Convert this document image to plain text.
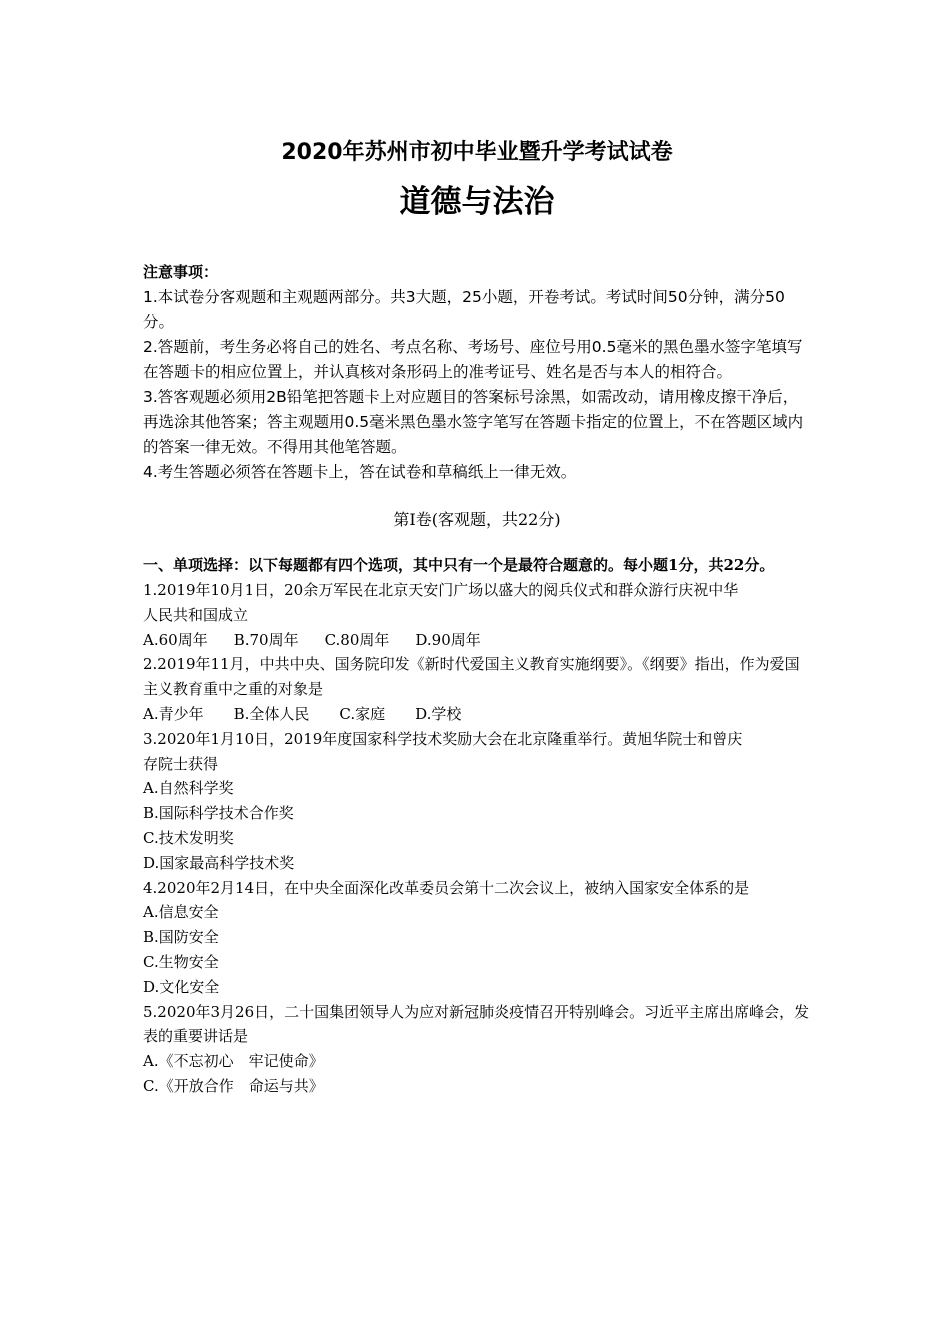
2020年苏州市初中毕业暨升学考试试卷
道德与法治

注意事项：

1.本试卷分客观题和主观题两部分。共3大题，25小题，开卷考试。考试时间50分钟，满分50分。

2.答题前，考生务必将自己的姓名、考点名称、考场号、座位号用0.5毫米的黑色墨水签字笔填写在答题卡的相应位置上，并认真核对条形码上的准考证号、姓名是否与本人的相符合。

3.答客观题必须用2B铅笔把答题卡上对应题目的答案标号涂黑，如需改动，请用橡皮擦干净后，再选涂其他答案；答主观题用0.5毫米黑色墨水签字笔写在答题卡指定的位置上，不在答题区域内的答案一律无效。不得用其他笔答题。

4.考生答题必须答在答题卡上，答在试卷和草稿纸上一律无效。

第Ⅰ卷(客观题，共22分)
一、单项选择：以下每题都有四个选项，其中只有一个是最符合题意的。每小题1分，共22分。

1.2019年10月1日，20余万军民在北京天安门广场以盛大的阅兵仪式和群众游行庆祝中华

人民共和国成立

A.60周年 B.70周年 C.80周年 D.90周年

2.2019年11月，中共中央、国务院印发《新时代爱国主义教育实施纲要》。《纲要》指出，作为爱国主义教育重中之重的对象是

A.青少年 B.全体人民 C.家庭 D.学校

3.2020年1月10日，2019年度国家科学技术奖励大会在北京隆重举行。黄旭华院士和曾庆

存院士获得

A.自然科学奖

B.国际科学技术合作奖

C.技术发明奖

D.国家最高科学技术奖

4.2020年2月14日，在中央全面深化改革委员会第十二次会议上，被纳入国家安全体系的是

A.信息安全

B.国防安全

C.生物安全

D.文化安全

5.2020年3月26日，二十国集团领导人为应对新冠肺炎疫情召开特别峰会。习近平主席出席峰会，发表的重要讲话是

A.《不忘初心　牢记使命》

C.《开放合作　命运与共》
